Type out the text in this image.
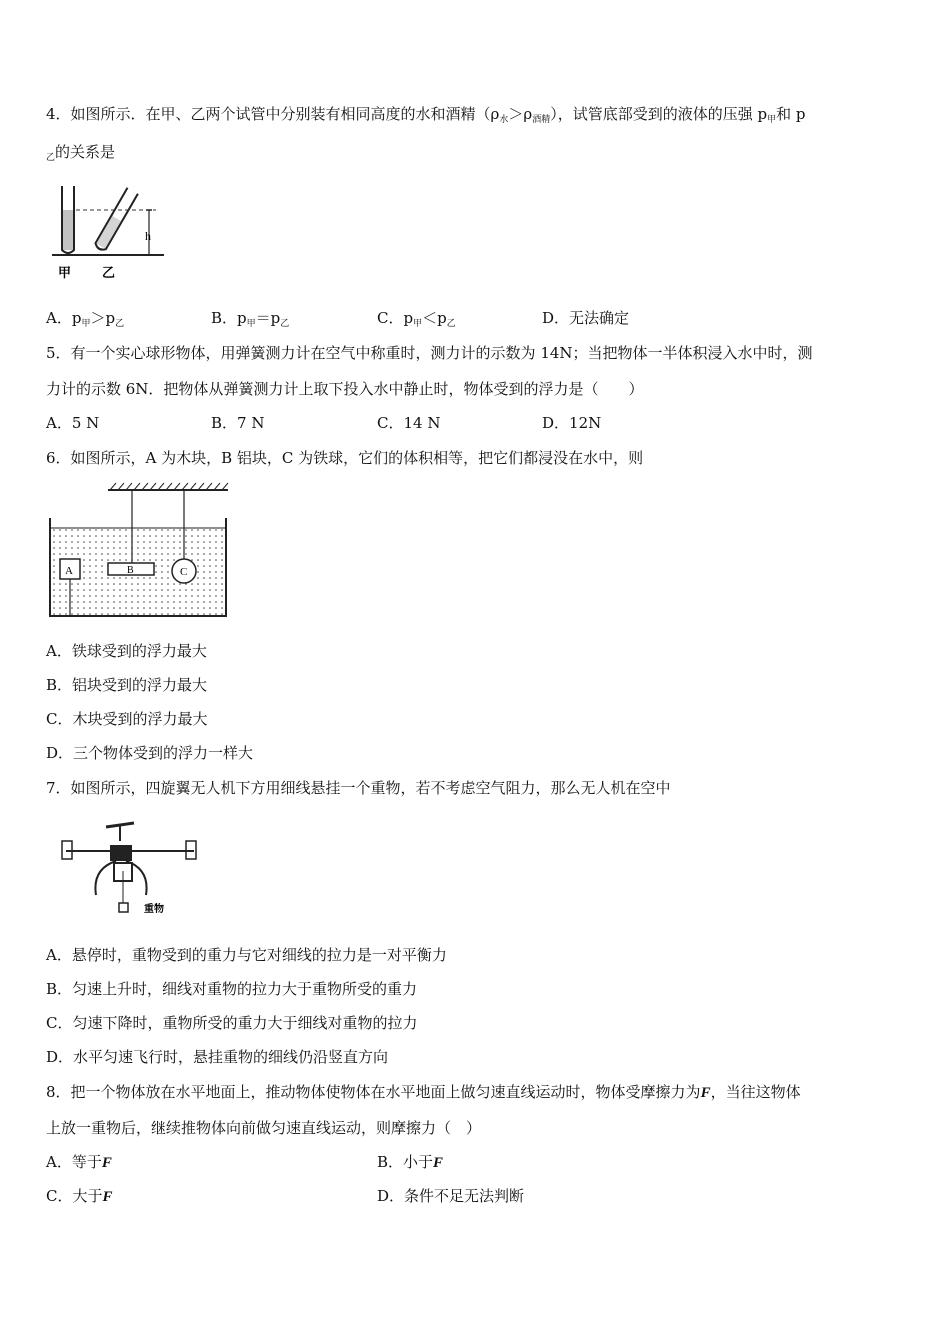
4．如图所示．在甲、乙两个试管中分别装有相同高度的水和酒精$(\rho_水>\rho_{酒精})$，试管底部受到的液体的压强 $p_甲$和 p
$_乙$的关系是
h
甲 乙
A．$p_甲>p_乙$	B．$p_甲=p_乙$	C．$p_甲<p_乙$	D．无法确定
5．有一个实心球形物体，用弹簧测力计在空气中称重时，测力计的示数为 14N；当把物体一半体积浸入水中时，测
力计的示数 6N．把物体从弹簧测力计上取下投入水中静止时，物体受到的浮力是（　　）
A．5 N	B．7 N	C．14 N	D．12N
6．如图所示，A 为木块，B 铝块，C 为铁球，它们的体积相等，把它们都浸没在水中，则
A	B	C
A．铁球受到的浮力最大
B．铝块受到的浮力最大
C．木块受到的浮力最大
D．三个物体受到的浮力一样大
7．如图所示，四旋翼无人机下方用细线悬挂一个重物，若不考虑空气阻力，那么无人机在空中
重物
A．悬停时，重物受到的重力与它对细线的拉力是一对平衡力
B．匀速上升时，细线对重物的拉力大于重物所受的重力
C．匀速下降时，重物所受的重力大于细线对重物的拉力
D．水平匀速飞行时，悬挂重物的细线仍沿竖直方向
8．把一个物体放在水平地面上，推动物体使物体在水平地面上做匀速直线运动时，物体受摩擦力为F，当往这物体
上放一重物后，继续推物体向前做匀速直线运动，则摩擦力（　）
A．等于F	B．小于F
C．大于F	D．条件不足无法判断
